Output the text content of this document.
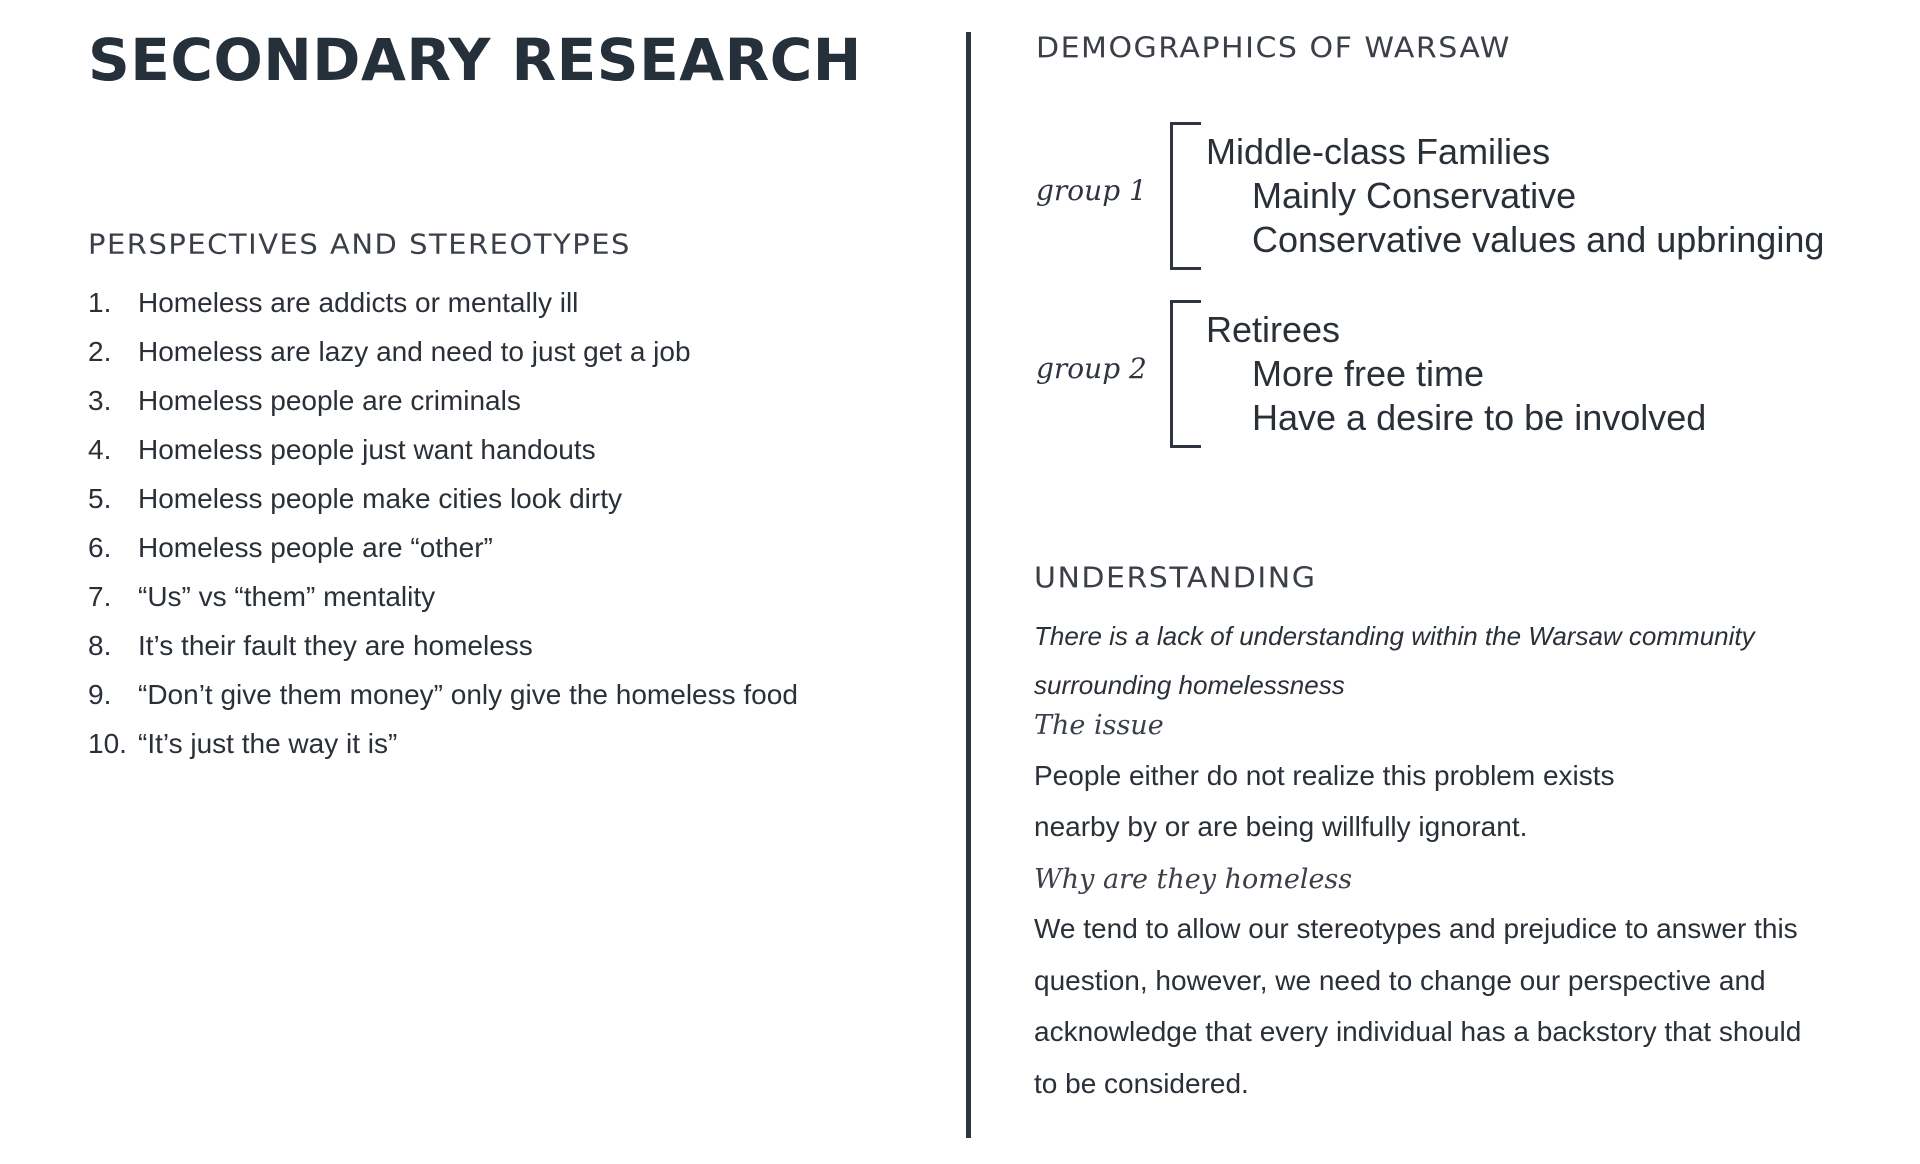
SECONDARY RESEARCH
PERSPECTIVES AND STEREOTYPES
1. Homeless are addicts or mentally ill
2. Homeless are lazy and need to just get a job
3. Homeless people are criminals
4. Homeless people just want handouts
5. Homeless people make cities look dirty
6. Homeless people are “other”
7. “Us” vs “them” mentality
8. It’s their fault they are homeless
9. “Don’t give them money” only give the homeless food
10. “It’s just the way it is”
DEMOGRAPHICS OF WARSAW
group 1
Middle-class Families
Mainly Conservative
Conservative values and upbringing
group 2
Retirees
More free time
Have a desire to be involved
UNDERSTANDING

There is a lack of understanding within the Warsaw community surrounding homelessness

The issue

People either do not realize this problem exists

nearby by or are being willfully ignorant.

Why are they homeless

We tend to allow our stereotypes and prejudice to answer this

question, however, we need to change our perspective and

acknowledge that every individual has a backstory that should

to be considered.
